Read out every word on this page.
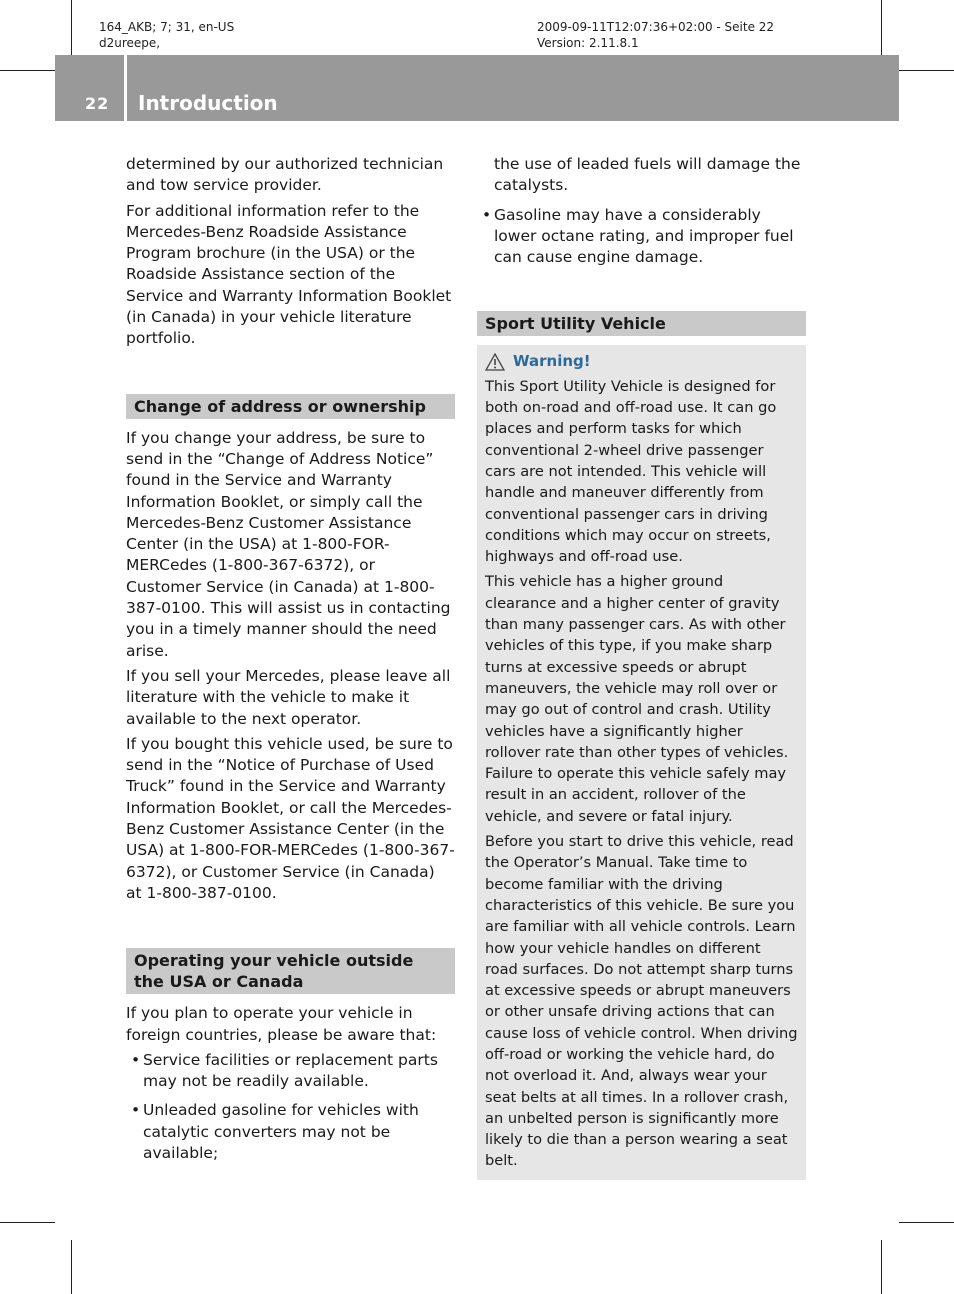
164_AKB; 7; 31, en-US
d2ureepe,
2009-09-11T12:07:36+02:00 - Seite 22
Version: 2.11.8.1
22 Introduction

determined by our authorized technician and tow service provider.

For additional information refer to the Mercedes-Benz Roadside Assistance Program brochure (in the USA) or the Roadside Assistance section of the Service and Warranty Information Booklet (in Canada) in your vehicle literature portfolio.

Change of address or ownership

If you change your address, be sure to send in the “Change of Address Notice” found in the Service and Warranty Information Booklet, or simply call the Mercedes-Benz Customer Assistance Center (in the USA) at 1-800-FOR-MERCedes (1-800-367-6372), or Customer Service (in Canada) at 1-800-387-0100. This will assist us in contacting you in a timely manner should the need arise.

If you sell your Mercedes, please leave all literature with the vehicle to make it available to the next operator.

If you bought this vehicle used, be sure to send in the “Notice of Purchase of Used Truck” found in the Service and Warranty Information Booklet, or call the Mercedes-Benz Customer Assistance Center (in the USA) at 1-800-FOR-MERCedes (1-800-367-6372), or Customer Service (in Canada) at 1-800-387-0100.

Operating your vehicle outside the USA or Canada

If you plan to operate your vehicle in foreign countries, please be aware that:

• Service facilities or replacement parts may not be readily available.
• Unleaded gasoline for vehicles with catalytic converters may not be available;
the use of leaded fuels will damage the catalysts.
• Gasoline may have a considerably lower octane rating, and improper fuel can cause engine damage.
Sport Utility Vehicle
Warning!

This Sport Utility Vehicle is designed for both on-road and off-road use. It can go places and perform tasks for which conventional 2-wheel drive passenger cars are not intended. This vehicle will handle and maneuver differently from conventional passenger cars in driving conditions which may occur on streets, highways and off-road use.

This vehicle has a higher ground clearance and a higher center of gravity than many passenger cars. As with other vehicles of this type, if you make sharp turns at excessive speeds or abrupt maneuvers, the vehicle may roll over or may go out of control and crash. Utility vehicles have a significantly higher rollover rate than other types of vehicles. Failure to operate this vehicle safely may result in an accident, rollover of the vehicle, and severe or fatal injury.

Before you start to drive this vehicle, read the Operator’s Manual. Take time to become familiar with the driving characteristics of this vehicle. Be sure you are familiar with all vehicle controls. Learn how your vehicle handles on different road surfaces. Do not attempt sharp turns at excessive speeds or abrupt maneuvers or other unsafe driving actions that can cause loss of vehicle control. When driving off-road or working the vehicle hard, do not overload it. And, always wear your seat belts at all times. In a rollover crash, an unbelted person is significantly more likely to die than a person wearing a seat belt.
